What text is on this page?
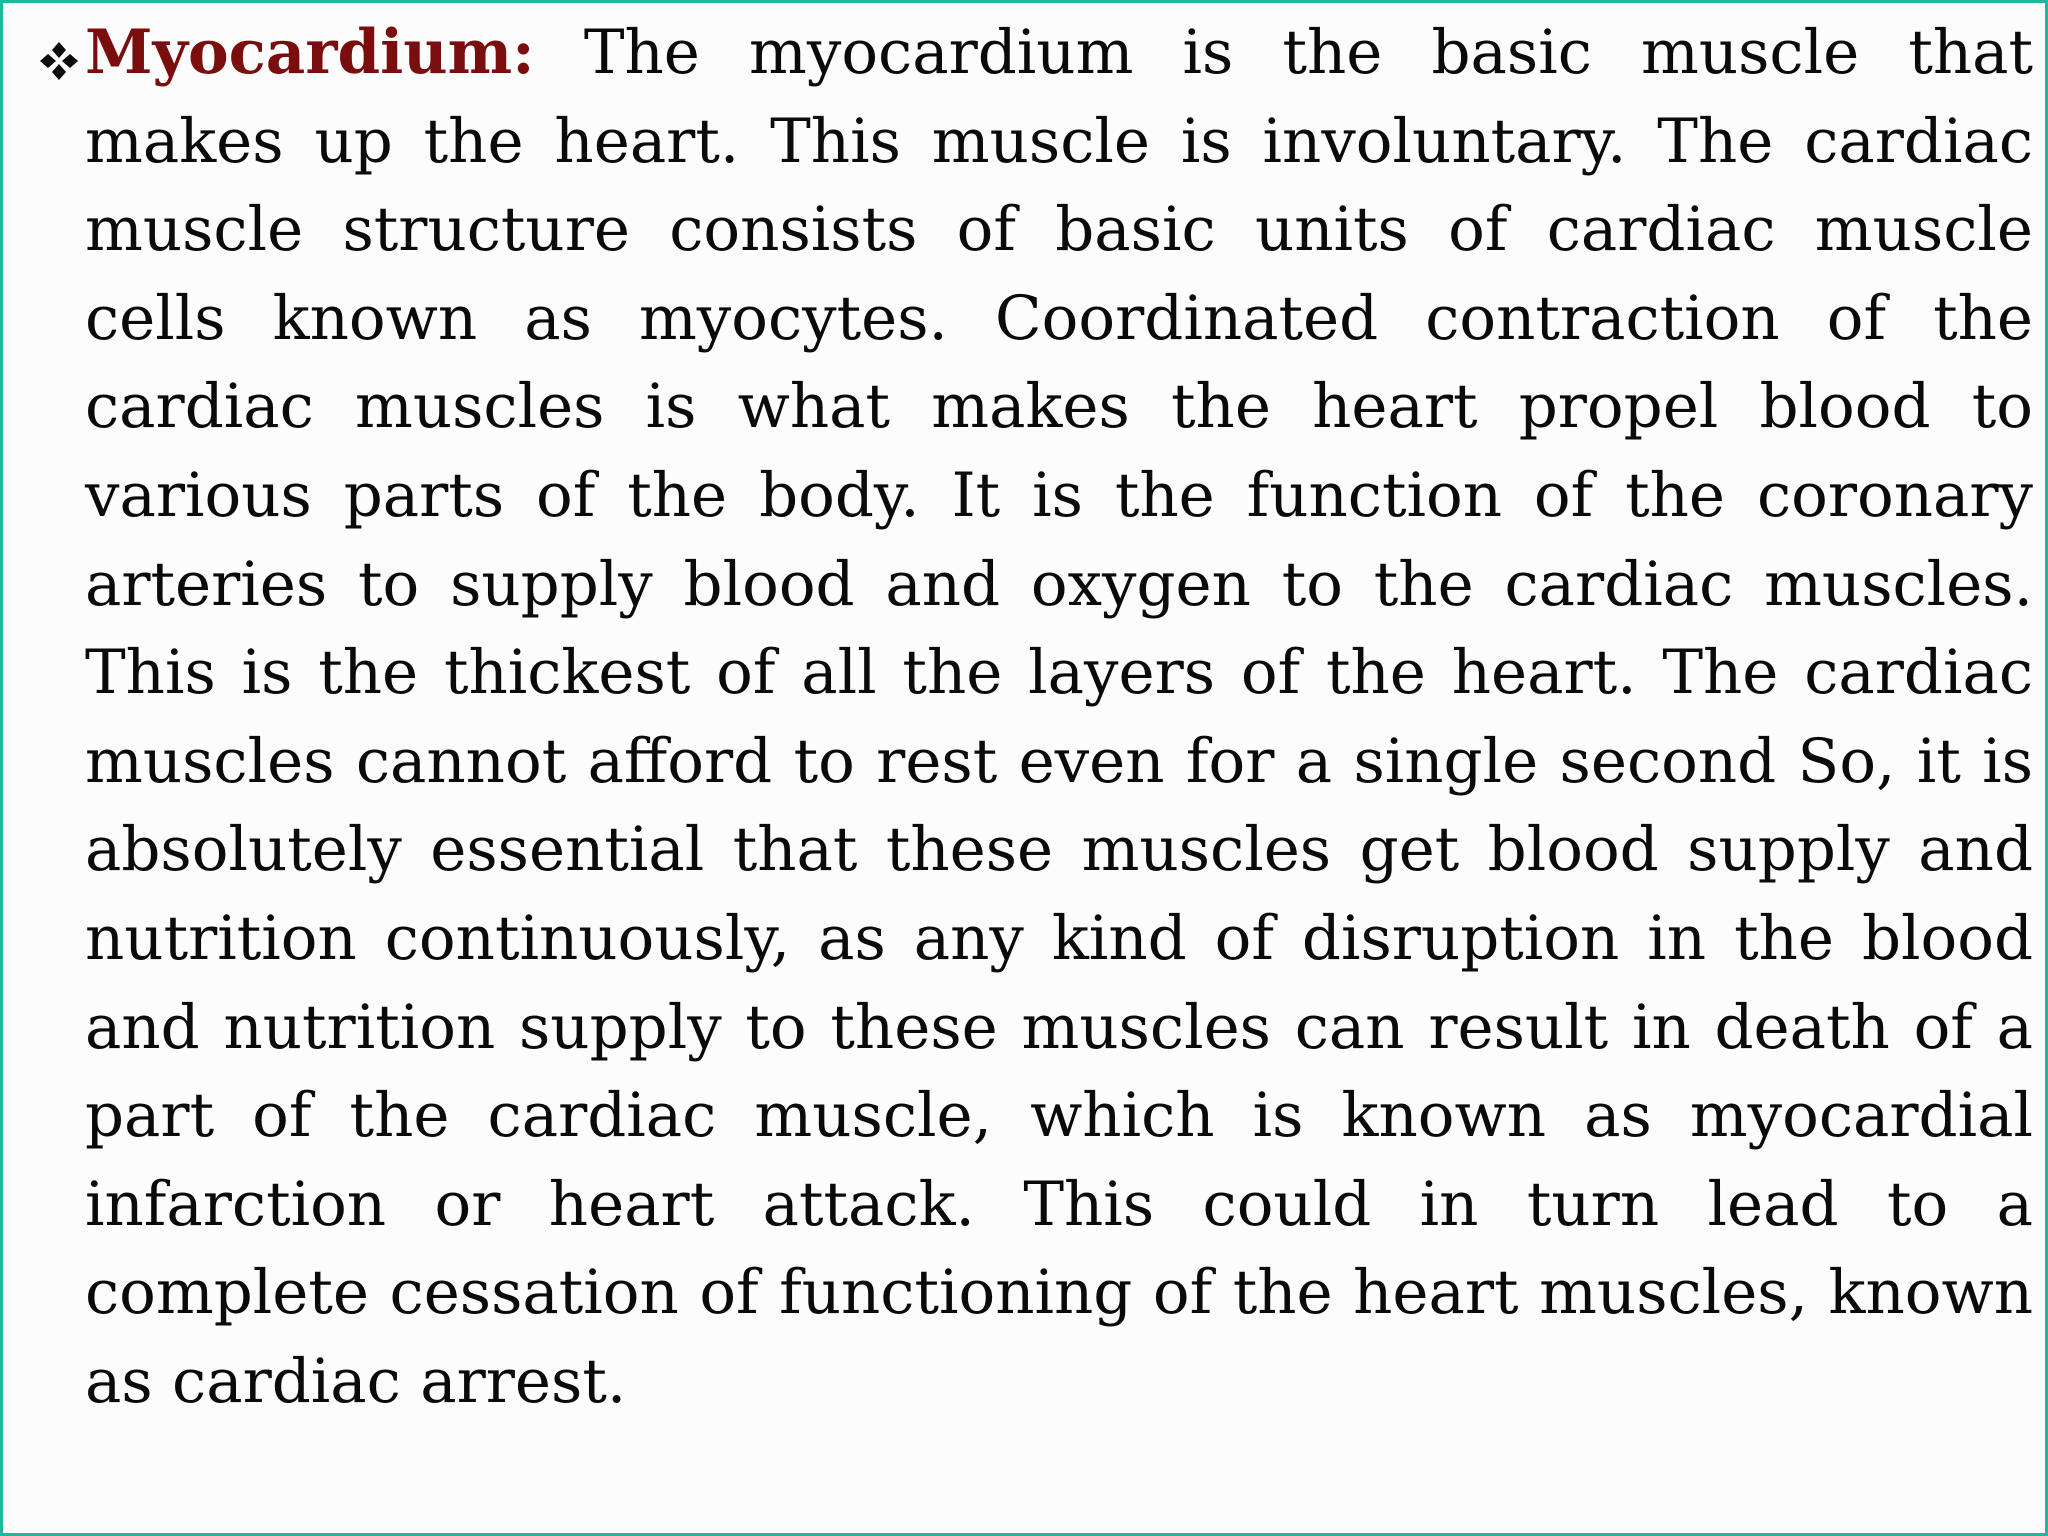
Myocardium: The myocardium is the basic muscle that makes up the heart. This muscle is involuntary. The cardiac muscle structure consists of basic units of cardiac muscle cells known as myocytes. Coordinated contraction of the cardiac muscles is what makes the heart propel blood to various parts of the body. It is the function of the coronary arteries to supply blood and oxygen to the cardiac muscles. This is the thickest of all the layers of the heart. The cardiac muscles cannot afford to rest even for a single second So, it is absolutely essential that these muscles get blood supply and nutrition continuously, as any kind of disruption in the blood and nutrition supply to these muscles can result in death of a part of the cardiac muscle, which is known as myocardial infarction or heart attack. This could in turn lead to a complete cessation of functioning of the heart muscles, known as cardiac arrest.
